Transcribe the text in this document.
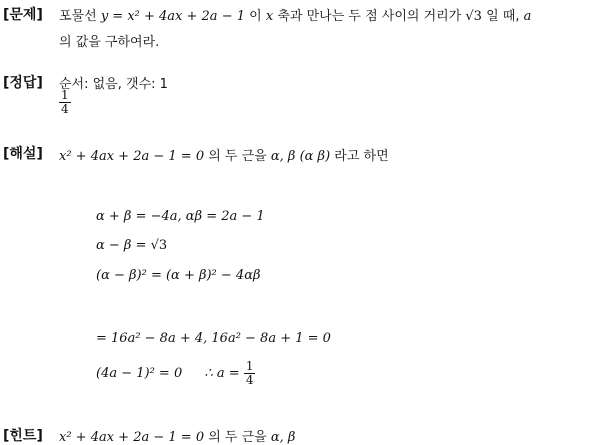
[문제] 포물선 y = x² + 4ax + 2a − 1 이 x 축과 만나는 두 점 사이의 거리가 √3 일 때, a
의 값을 구하여라.
[정답] 순서: 없음, 갯수: 1
$\frac{1}{4}$
[해설] x² + 4ax + 2a − 1 = 0 의 두 근을 α, β (α β) 라고 하면
α + β = −4a, αβ = 2a − 1
α − β = √3
(α − β)² = (α + β)² − 4αβ
= 16a² − 8a + 4, 16a² − 8a + 1 = 0
(4a − 1)² = 0 ∴ $a = \frac{1}{4}$
[힌트] x² + 4ax + 2a − 1 = 0 의 두 근을 α, β
